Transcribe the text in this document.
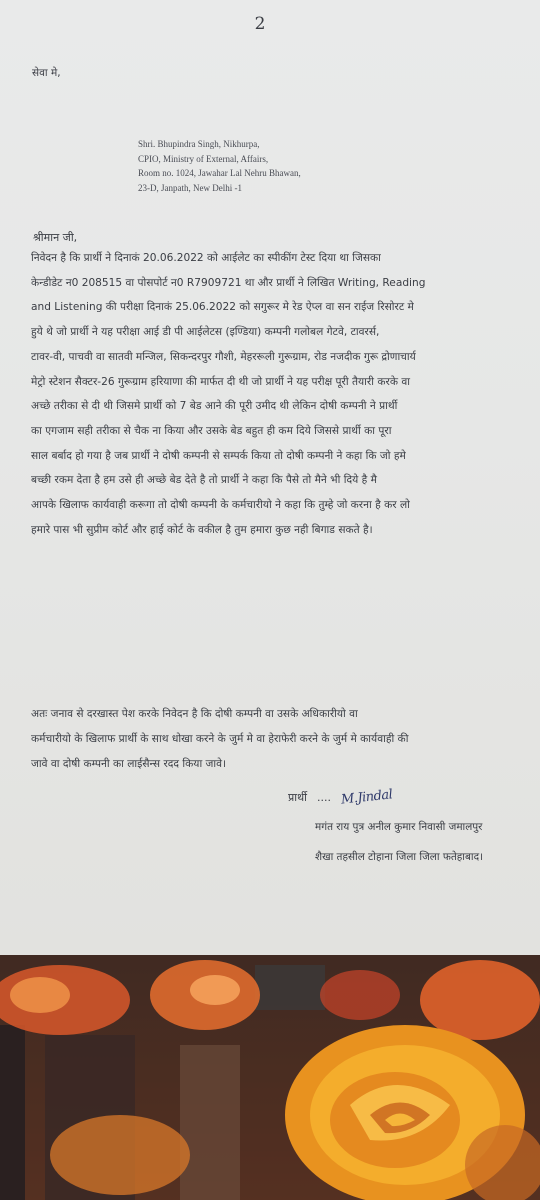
2
सेवा मे,
Shri. Bhupindra Singh, Nikhurpa,
CPIO, Ministry of External, Affairs,
Room no. 1024, Jawahar Lal Nehru Bhawan,
23-D, Janpath, New Delhi -1
श्रीमान जी,
निवेदन है कि प्रार्थी ने दिनाकं 20.06.2022 को आईलेट का स्पीकींग टेस्ट दिया था जिसका
केन्डीडेट न0 208515 वा पोसपोर्ट न0 R7909721 था और प्रार्थी ने लिखित Writing, Reading
and Listening की परीक्षा दिनाकं 25.06.2022 को सगुरूर मे रेड ऐप्ल वा सन राईज रिसोरट मे
हुये थे जो प्रार्थी ने यह परीक्षा आई डी पी आईलेटस (इण्डिया) कम्पनी गलोबल गेटवे, टावरर्स,
टावर-वी, पाचवी वा सातवी मन्जिल, सिकन्दरपुर गौशी, मेहररूली गुरूग्राम, रोड नजदीक गुरू द्रोणाचार्य
मेट्रो स्टेशन सैक्टर-26 गुरूग्राम हरियाणा की मार्फत दी थी जो प्रार्थी ने यह परीक्ष पूरी तैयारी करके वा
अच्छे तरीका से दी थी जिसमे प्रार्थी को 7 बेड आने की पूरी उमीद थी लेकिन दोषी कम्पनी ने प्रार्थी
का एगजाम सही तरीका से चैक ना किया और उसके बेड बहुत ही कम दिये जिससे प्रार्थी का पूरा
साल बर्बाद हो गया है जब प्रार्थी ने दोषी कम्पनी से सम्पर्क किया तो दोषी कम्पनी ने कहा कि जो हमे
बच्छी रकम देता है हम उसे ही अच्छे बेड देते है तो प्रार्थी ने कहा कि पैसे तो मैने भी दिये है मै
आपके खिलाफ कार्यवाही करूगा तो दोषी कम्पनी के कर्मचारीयो ने कहा कि तुम्हे जो करना है कर लो
हमारे पास भी सुप्रीम कोर्ट और हाई कोर्ट के वकील है तुम हमारा कुछ नही बिगाड सकते है।
अतः जनाव से दरखास्त पेश करके निवेदन है कि दोषी कम्पनी वा उसके अधिकारीयो वा
कर्मचारीयो के खिलाफ प्रार्थी के साथ धोखा करने के जुर्म मे वा हेराफेरी करने के जुर्म मे कार्यवाही की
जावे वा दोषी कम्पनी का लाईसैन्स रदद किया जावे।
प्रार्थी .... M.Jindal
मगंत राय पुत्र अनील कुमार निवासी जमालपुर
शैखा तहसील टोहाना जिला जिला फतेहाबाद।
